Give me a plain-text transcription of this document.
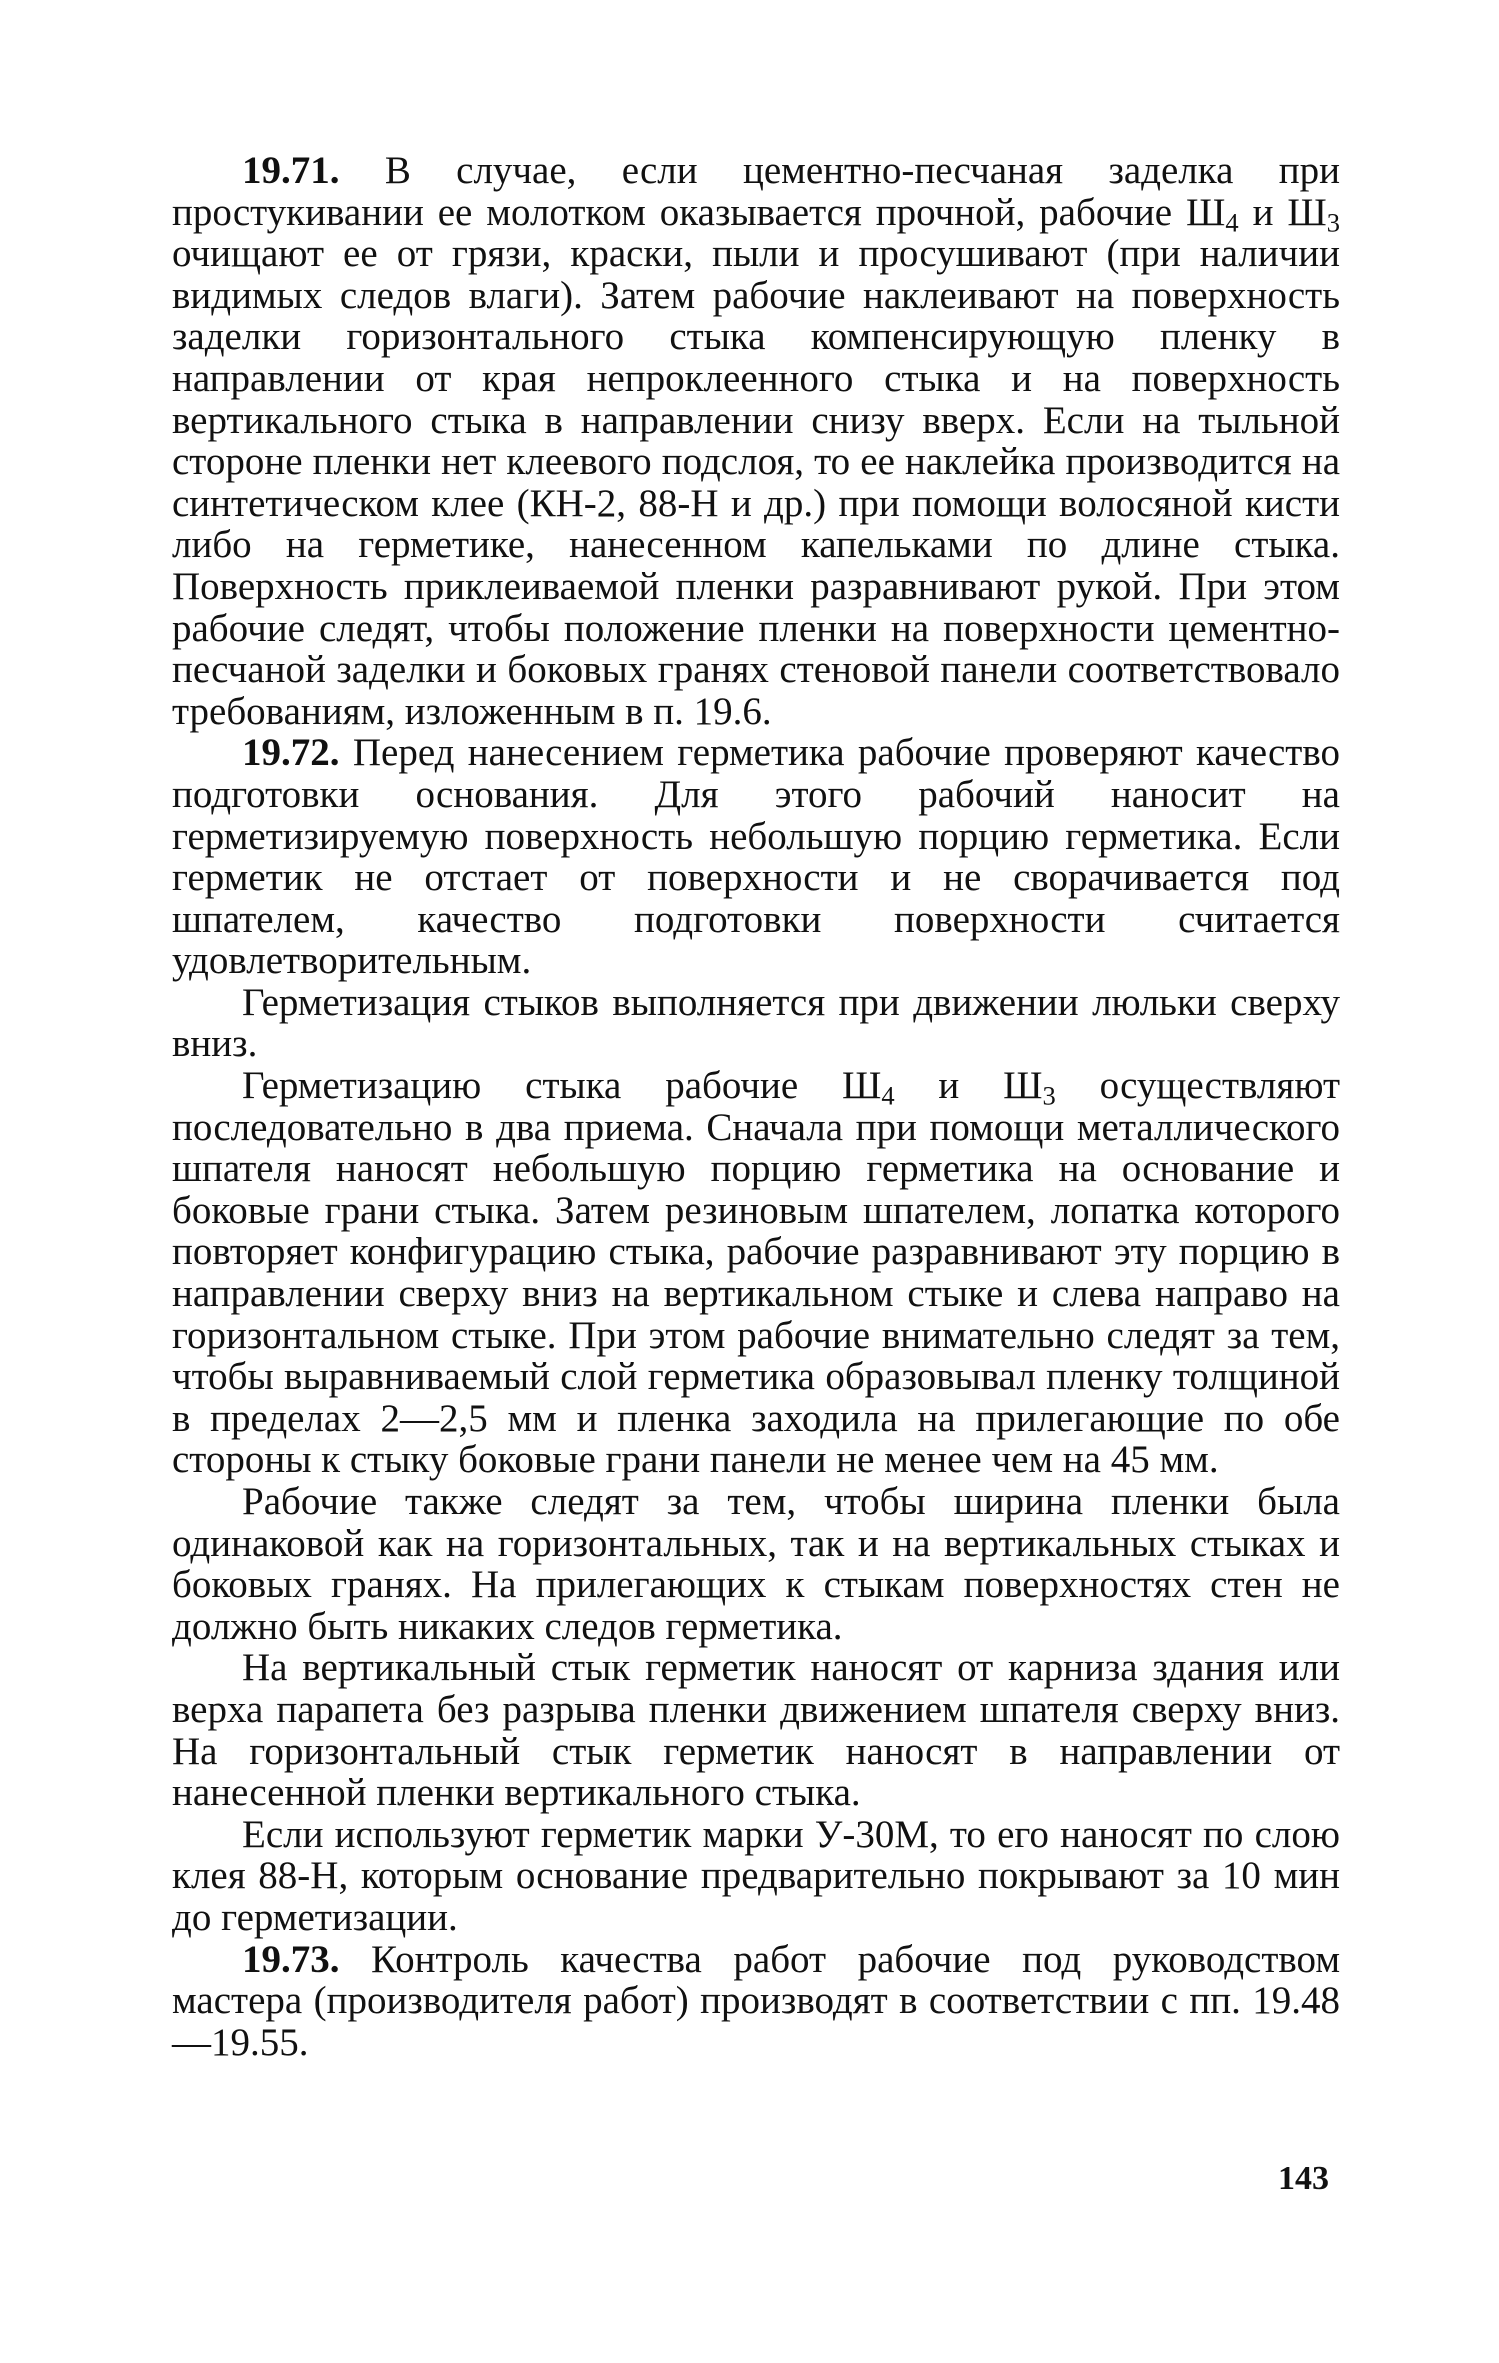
19.71. В случае, если цементно-песчаная заделка при простукивании ее молотком оказывается прочной, рабочие $Ш_4$ и $Ш_3$ очищают ее от грязи, краски, пыли и просушивают (при наличии видимых следов влаги). Затем рабочие наклеивают на поверхность заделки горизонтального стыка компенсирующую пленку в направлении от края непроклеенного стыка и на поверхность вертикального стыка в направлении снизу вверх. Если на тыльной стороне пленки нет клеевого подслоя, то ее наклейка производится на синтетическом клее (КН-2, 88-Н и др.) при помощи волосяной кисти либо на герметике, нанесенном капельками по длине стыка. Поверхность приклеиваемой пленки разравнивают рукой. При этом рабочие следят, чтобы положение пленки на поверхности цементно-песчаной заделки и боковых гранях стеновой панели соответствовало требованиям, изложенным в п. 19.6.

19.72. Перед нанесением герметика рабочие проверяют качество подготовки основания. Для этого рабочий наносит на герметизируемую поверхность небольшую порцию герметика. Если герметик не отстает от поверхности и не сворачивается под шпателем, качество подготовки поверхности считается удовлетворительным.

Герметизация стыков выполняется при движении люльки сверху вниз.

Герметизацию стыка рабочие $Ш_4$ и $Ш_3$ осуществляют последовательно в два приема. Сначала при помощи металлического шпателя наносят небольшую порцию герметика на основание и боковые грани стыка. Затем резиновым шпателем, лопатка которого повторяет конфигурацию стыка, рабочие разравнивают эту порцию в направлении сверху вниз на вертикальном стыке и слева направо на горизонтальном стыке. При этом рабочие внимательно следят за тем, чтобы выравниваемый слой герметика образовывал пленку толщиной в пределах 2—2,5 мм и пленка заходила на прилегающие по обе стороны к стыку боковые грани панели не менее чем на 45 мм.

Рабочие также следят за тем, чтобы ширина пленки была одинаковой как на горизонтальных, так и на вертикальных стыках и боковых гранях. На прилегающих к стыкам поверхностях стен не должно быть никаких следов герметика.

На вертикальный стык герметик наносят от карниза здания или верха парапета без разрыва пленки движением шпателя сверху вниз. На горизонтальный стык герметик наносят в направлении от нанесенной пленки вертикального стыка.

Если используют герметик марки У-30М, то его наносят по слою клея 88-Н, которым основание предварительно покрывают за 10 мин до герметизации.

19.73. Контроль качества работ рабочие под руководством мастера (производителя работ) производят в соответствии с пп. 19.48—19.55.

143
